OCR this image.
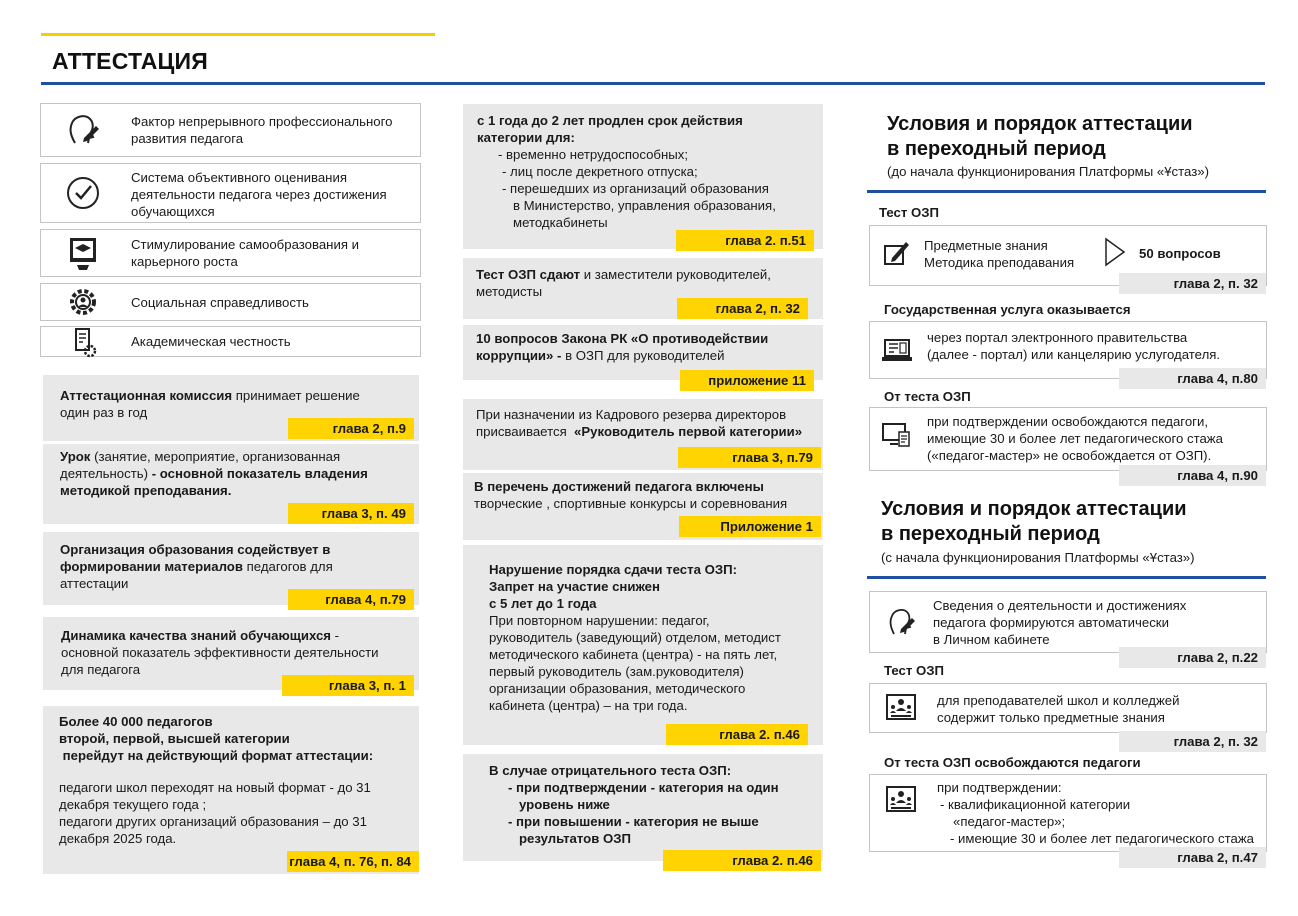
АТТЕСТАЦИЯ
Фактор непрерывного профессионального развития педагога
Система объективного оценивания деятельности педагога через достижения обучающихся
Стимулирование самообразования и карьерного роста
Социальная справедливость
Академическая честность
Аттестационная комиссия принимает решение один раз в год
глава 2, п.9
Урок (занятие, мероприятие, организованная деятельность) - основной показатель владения методикой преподавания.
глава 3, п. 49
Организация образования содействует в формировании материалов педагогов для аттестации
глава 4, п.79
Динамика качества знаний обучающихся - основной показатель эффективности деятельности для педагога
глава 3, п. 1
Более 40 000 педагогов
второй, первой, высшей категории
перейдут на действующий формат аттестации:
педагоги школ переходят на новый формат - до 31
декабря текущего года ;
педагоги других организаций образования – до 31
декабря 2025 года.
глава 4, п. 76, п. 84
с 1 года до 2 лет продлен срок действия
категории для:
- временно нетрудоспособных;
- лиц после декретного отпуска;
- перешедших из организаций образования
в Министерство, управления образования,
методкабинеты
глава 2. п.51
Тест ОЗП сдают и заместители руководителей, методисты
глава 2, п. 32
10 вопросов Закона РК «О противодействии коррупции» - в ОЗП для руководителей
приложение 11
При назначении из Кадрового резерва директоров
присваивается  «Руководитель первой категории»
глава 3, п.79
В перечень достижений педагога включены
творческие , спортивные конкурсы и соревнования
Приложение 1
Нарушение порядка сдачи теста ОЗП:
Запрет на участие снижен
с 5 лет до 1 года
При повторном нарушении: педагог,
руководитель (заведующий) отделом, методист
методического кабинета (центра) - на пять лет,
первый руководитель (зам.руководителя)
организации образования, методического
кабинета (центра) – на три года.
глава 2. п.46
В случае отрицательного теста ОЗП:
- при подтверждении - категория на один
уровень ниже
- при повышении - категория не выше
результатов ОЗП
глава 2. п.46
Условия и порядок аттестации
в переходный период
(до начала функционирования Платформы «Ұстаз»)
Тест ОЗП
Предметные знания
Методика преподавания
50 вопросов
глава 2, п. 32
Государственная услуга оказывается
через портал электронного правительства
(далее - портал) или канцелярию услугодателя.
глава 4, п.80
От теста ОЗП
при подтверждении освобождаются педагоги,
имеющие 30 и более лет педагогического стажа
(«педагог-мастер» не освобождается от ОЗП).
глава 4, п.90
Условия и порядок аттестации
в переходный период
(с начала функционирования Платформы «Ұстаз»)
Сведения о деятельности и достижениях
педагога формируются автоматически
в Личном кабинете
глава 2, п.22
Тест ОЗП
для преподавателей школ и колледжей
содержит только предметные знания
глава 2, п. 32
От теста ОЗП освобождаются педагоги
при подтверждении:
- квалификационной категории
«педагог-мастер»;
- имеющие 30 и более лет педагогического стажа
глава 2, п.47
